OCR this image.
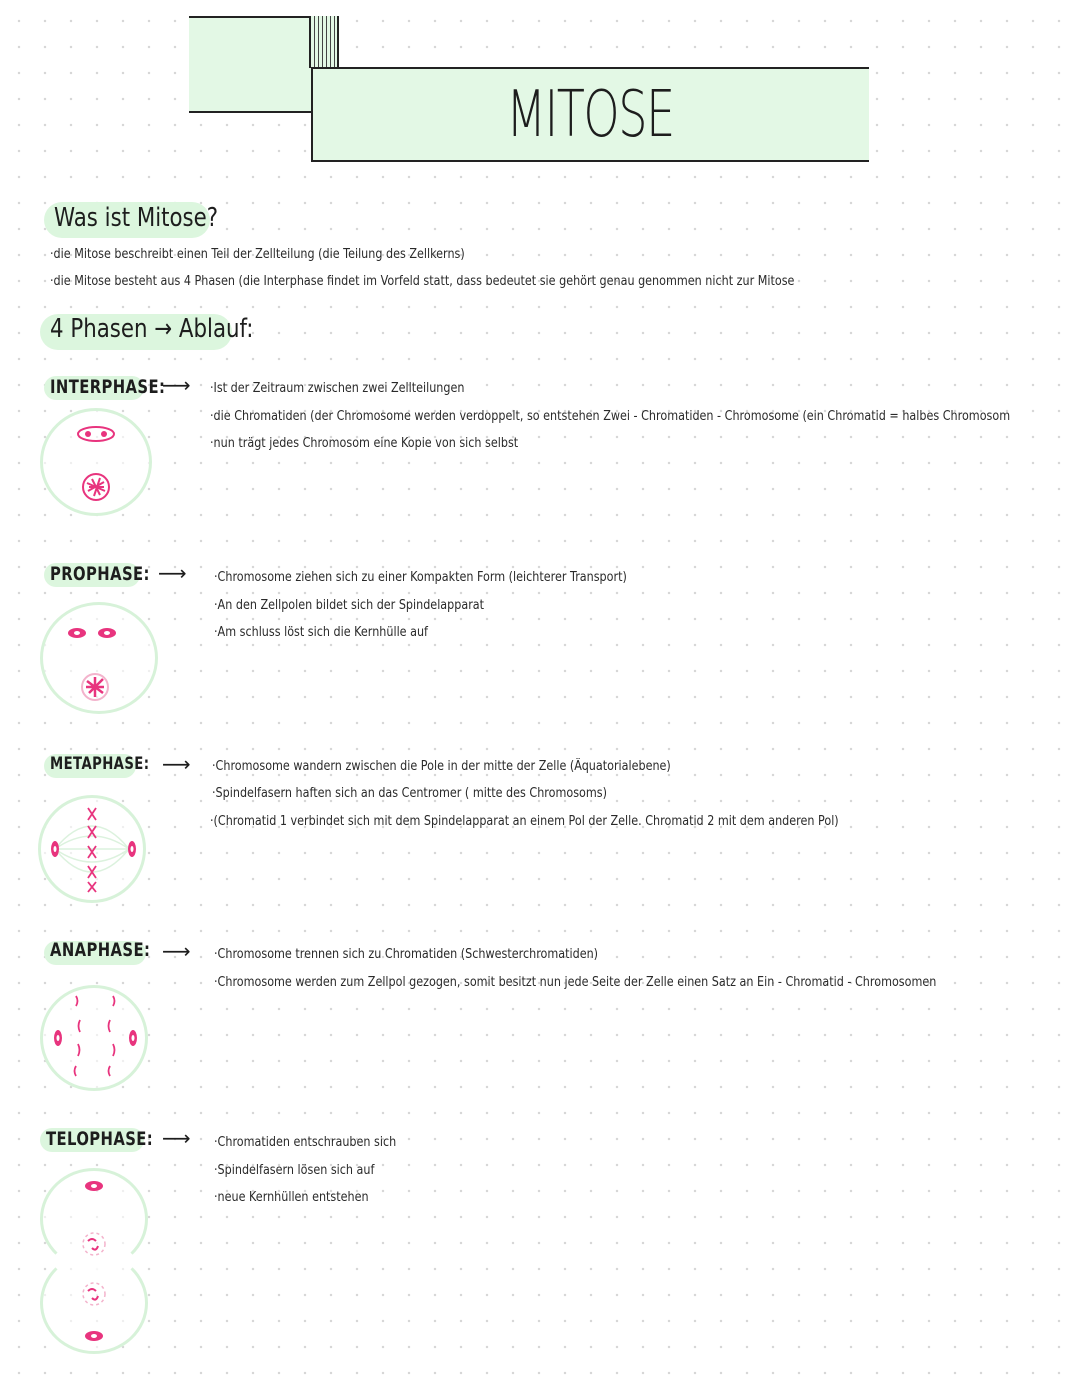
MITOSE
Was ist Mitose?
·die Mitose beschreibt einen Teil der Zellteilung (die Teilung des Zellkerns)
·die Mitose besteht aus 4 Phasen (die Interphase findet im Vorfeld statt, dass bedeutet sie gehört genau genommen nicht zur Mitose
4 Phasen → Ablauf:
INTERPHASE:
⟶ ·Ist der Zeitraum zwischen zwei Zellteilungen
·die Chromatiden (der Chromosome werden verdoppelt, so entstehen Zwei - Chromatiden - Chromosome (ein Chromatid = halbes Chromosom
·nun trägt jedes Chromosom eine Kopie von sich selbst
PROPHASE: ⟶ ·Chromosome ziehen sich zu einer Kompakten Form (leichterer Transport)
·An den Zellpolen bildet sich der Spindelapparat
·Am schluss löst sich die Kernhülle auf
METAPHASE: ⟶ ·Chromosome wandern zwischen die Pole in der mitte der Zelle (Äquatorialebene)
·Spindelfasern haften sich an das Centromer ( mitte des Chromosoms)
·(Chromatid 1 verbindet sich mit dem Spindelapparat an einem Pol der Zelle. Chromatid 2 mit dem anderen Pol)
ANAPHASE: ⟶ ·Chromosome trennen sich zu Chromatiden (Schwesterchromatiden)
·Chromosome werden zum Zellpol gezogen, somit besitzt nun jede Seite der Zelle einen Satz an Ein - Chromatid - Chromosomen
TELOPHASE: ⟶ ·Chromatiden entschrauben sich
·Spindelfasern lösen sich auf
·neue Kernhüllen entstehen
